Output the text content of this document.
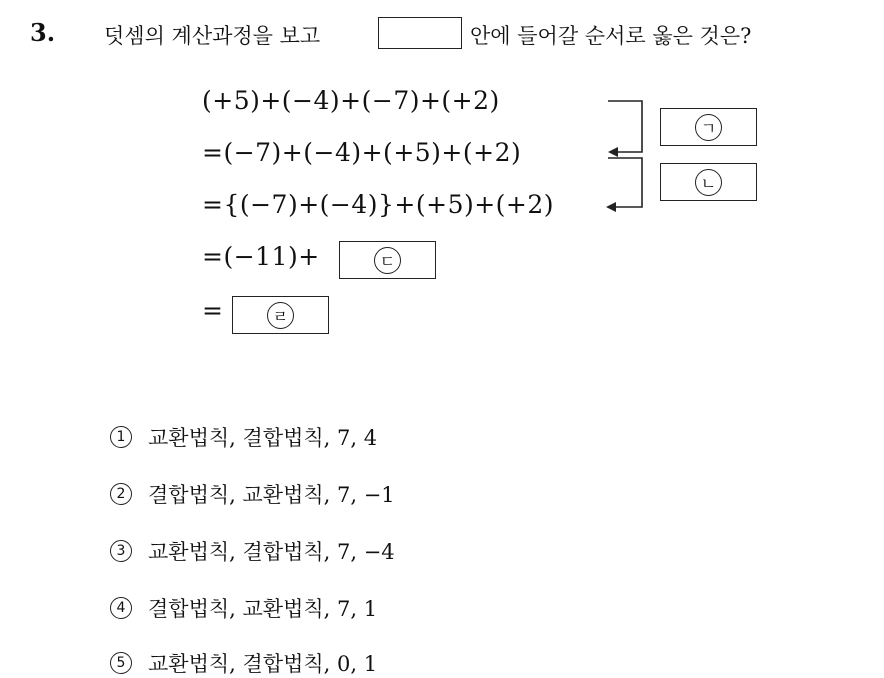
3. 덧셈의 계산과정을 보고	안에 들어갈 순서로 옳은 것은?
(+5)+(−4)+(−7)+(+2)
=(−7)+(−4)+(+5)+(+2)
={(−7)+(−4)}+(+5)+(+2)
=(−11)+
=
ㄱ
ㄴ
ㄷ
ㄹ
1	교환법칙, 결합법칙, 7, 4
2	결합법칙, 교환법칙, 7, −1
3	교환법칙, 결합법칙, 7, −4
4	결합법칙, 교환법칙, 7, 1
5	교환법칙, 결합법칙, 0, 1
